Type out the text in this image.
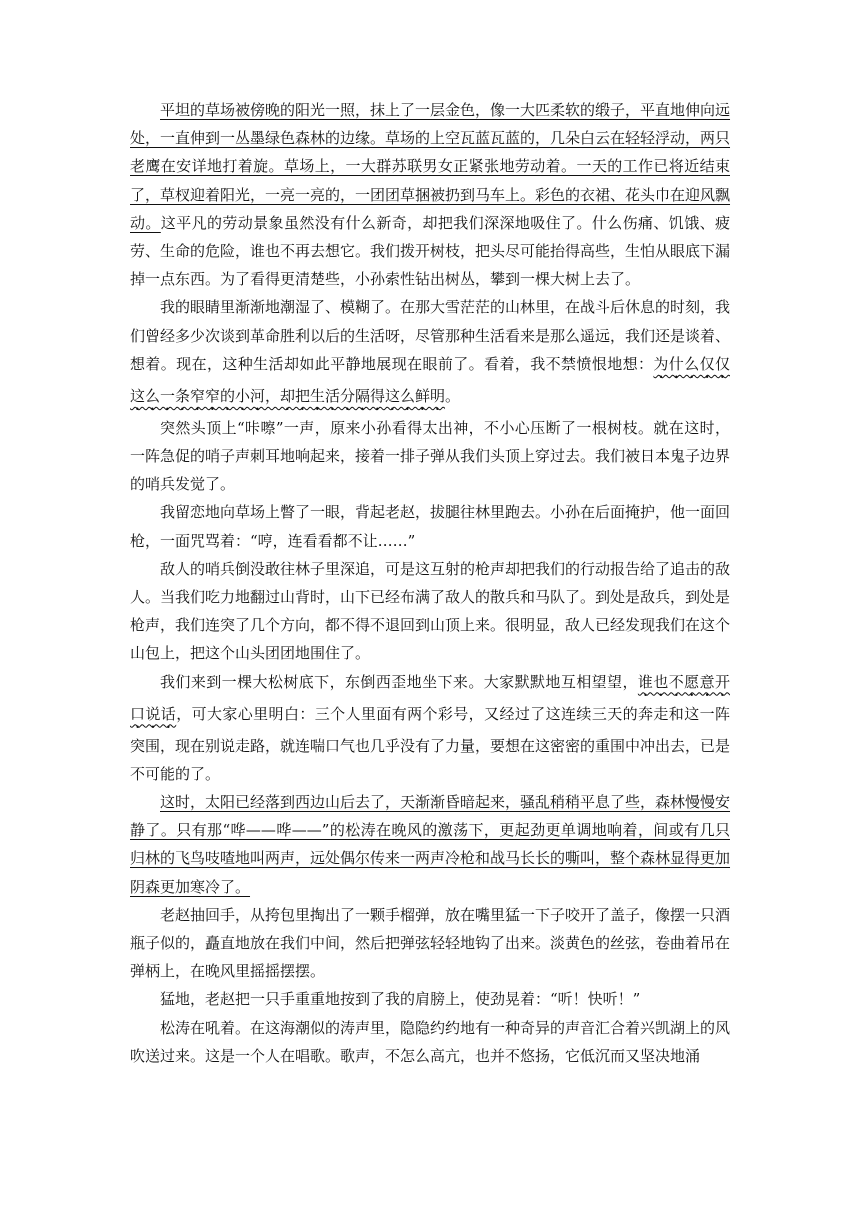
平坦的草场被傍晚的阳光一照，抹上了一层金色，像一大匹柔软的缎子，平直地伸向远处，一直伸到一丛墨绿色森林的边缘。草场的上空瓦蓝瓦蓝的，几朵白云在轻轻浮动，两只老鹰在安详地打着旋。草场上，一大群苏联男女正紧张地劳动着。一天的工作已将近结束了，草杈迎着阳光，一亮一亮的，一团团草捆被扔到马车上。彩色的衣裙、花头巾在迎风飘动。这平凡的劳动景象虽然没有什么新奇，却把我们深深地吸住了。什么伤痛、饥饿、疲劳、生命的危险，谁也不再去想它。我们拨开树枝，把头尽可能抬得高些，生怕从眼底下漏掉一点东西。为了看得更清楚些，小孙索性钻出树丛，攀到一棵大树上去了。

我的眼睛里渐渐地潮湿了、模糊了。在那大雪茫茫的山林里，在战斗后休息的时刻，我们曾经多少次谈到革命胜利以后的生活呀，尽管那种生活看来是那么遥远，我们还是谈着、想着。现在，这种生活却如此平静地展现在眼前了。看着，我不禁愤恨地想：为什么仅仅这么一条窄窄的小河，却把生活分隔得这么鲜明。

突然头顶上“咔嚓”一声，原来小孙看得太出神，不小心压断了一根树枝。就在这时，一阵急促的哨子声刺耳地响起来，接着一排子弹从我们头顶上穿过去。我们被日本鬼子边界的哨兵发觉了。

我留恋地向草场上瞥了一眼，背起老赵，拔腿往林里跑去。小孙在后面掩护，他一面回枪，一面咒骂着：“哼，连看看都不让……”

敌人的哨兵倒没敢往林子里深追，可是这互射的枪声却把我们的行动报告给了追击的敌人。当我们吃力地翻过山背时，山下已经布满了敌人的散兵和马队了。到处是敌兵，到处是枪声，我们连突了几个方向，都不得不退回到山顶上来。很明显，敌人已经发现我们在这个山包上，把这个山头团团地围住了。

我们来到一棵大松树底下，东倒西歪地坐下来。大家默默地互相望望，谁也不愿意开口说话，可大家心里明白：三个人里面有两个彩号，又经过了这连续三天的奔走和这一阵突围，现在别说走路，就连喘口气也几乎没有了力量，要想在这密密的重围中冲出去，已是不可能的了。

这时，太阳已经落到西边山后去了，天渐渐昏暗起来，骚乱稍稍平息了些，森林慢慢安静了。只有那“哗——哗——”的松涛在晚风的激荡下，更起劲更单调地响着，间或有几只归林的飞鸟吱喳地叫两声，远处偶尔传来一两声冷枪和战马长长的嘶叫，整个森林显得更加阴森更加寒冷了。

老赵抽回手，从挎包里掏出了一颗手榴弹，放在嘴里猛一下子咬开了盖子，像摆一只酒瓶子似的，矗直地放在我们中间，然后把弹弦轻轻地钩了出来。淡黄色的丝弦，卷曲着吊在弹柄上，在晚风里摇摇摆摆。

猛地，老赵把一只手重重地按到了我的肩膀上，使劲晃着：“听！快听！”

松涛在吼着。在这海潮似的涛声里，隐隐约约地有一种奇异的声音汇合着兴凯湖上的风吹送过来。这是一个人在唱歌。歌声，不怎么高亢，也并不悠扬，它低沉而又坚决地涌
